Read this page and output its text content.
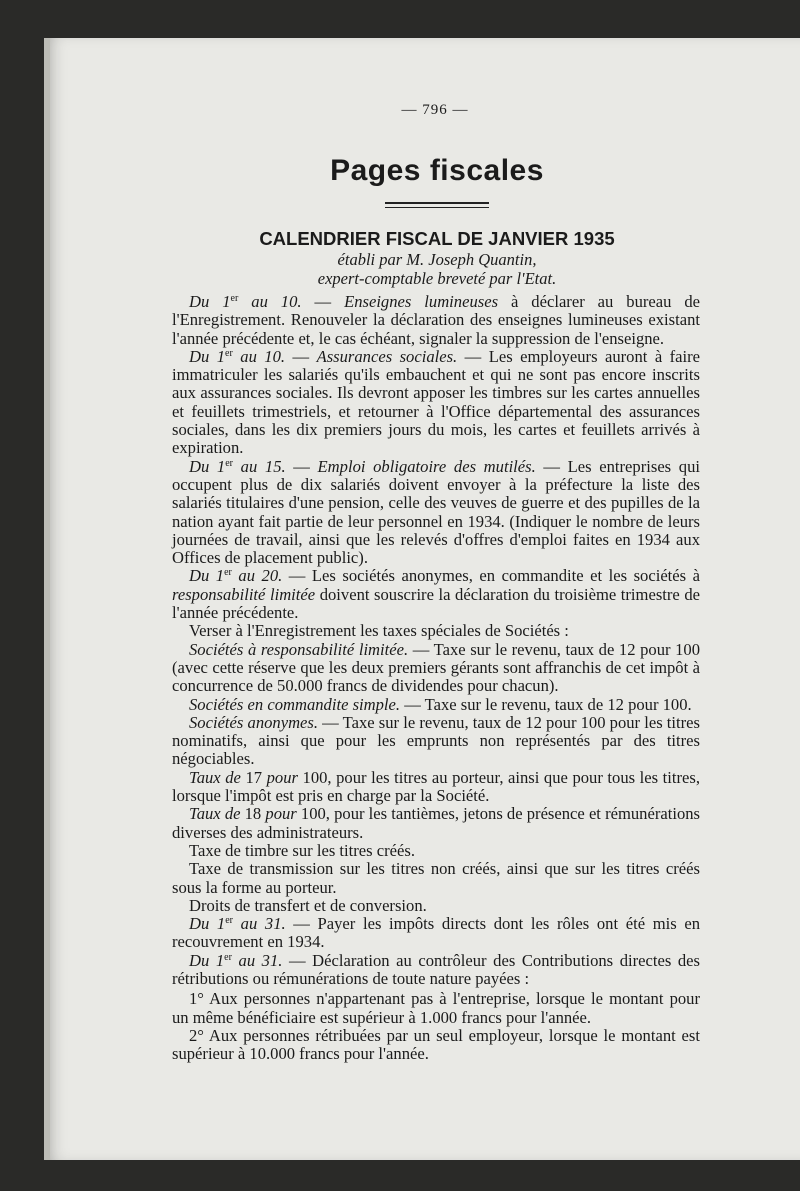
— 796 —
Pages fiscales
CALENDRIER FISCAL DE JANVIER 1935
établi par M. Joseph Quantin,
expert-comptable breveté par l'Etat.

Du 1er au 10. — Enseignes lumineuses à déclarer au bureau de l'Enregistrement. Renouveler la déclaration des enseignes lumineuses existant l'année précédente et, le cas échéant, signaler la suppression de l'enseigne.

Du 1er au 10. — Assurances sociales. — Les employeurs auront à faire immatriculer les salariés qu'ils embauchent et qui ne sont pas encore inscrits aux assurances sociales. Ils devront apposer les timbres sur les cartes annuelles et feuillets trimestriels, et retourner à l'Office départemental des assurances sociales, dans les dix premiers jours du mois, les cartes et feuillets arrivés à expiration.

Du 1er au 15. — Emploi obligatoire des mutilés. — Les entreprises qui occupent plus de dix salariés doivent envoyer à la préfecture la liste des salariés titulaires d'une pension, celle des veuves de guerre et des pupilles de la nation ayant fait partie de leur personnel en 1934. (Indiquer le nombre de leurs journées de travail, ainsi que les relevés d'offres d'emploi faites en 1934 aux Offices de placement public).

Du 1er au 20. — Les sociétés anonymes, en commandite et les sociétés à responsabilité limitée doivent souscrire la déclaration du troisième trimestre de l'année précédente.

Verser à l'Enregistrement les taxes spéciales de Sociétés :

Sociétés à responsabilité limitée. — Taxe sur le revenu, taux de 12 pour 100 (avec cette réserve que les deux premiers gérants sont affranchis de cet impôt à concurrence de 50.000 francs de dividendes pour chacun).

Sociétés en commandite simple. — Taxe sur le revenu, taux de 12 pour 100.

Sociétés anonymes. — Taxe sur le revenu, taux de 12 pour 100 pour les titres nominatifs, ainsi que pour les emprunts non représentés par des titres négociables.

Taux de 17 pour 100, pour les titres au porteur, ainsi que pour tous les titres, lorsque l'impôt est pris en charge par la Société.

Taux de 18 pour 100, pour les tantièmes, jetons de présence et rémunérations diverses des administrateurs.

Taxe de timbre sur les titres créés.

Taxe de transmission sur les titres non créés, ainsi que sur les titres créés sous la forme au porteur.

Droits de transfert et de conversion.

Du 1er au 31. — Payer les impôts directs dont les rôles ont été mis en recouvrement en 1934.

Du 1er au 31. — Déclaration au contrôleur des Contributions directes des rétributions ou rémunérations de toute nature payées :

1° Aux personnes n'appartenant pas à l'entreprise, lorsque le montant pour un même bénéficiaire est supérieur à 1.000 francs pour l'année.

2° Aux personnes rétribuées par un seul employeur, lorsque le montant est supérieur à 10.000 francs pour l'année.
